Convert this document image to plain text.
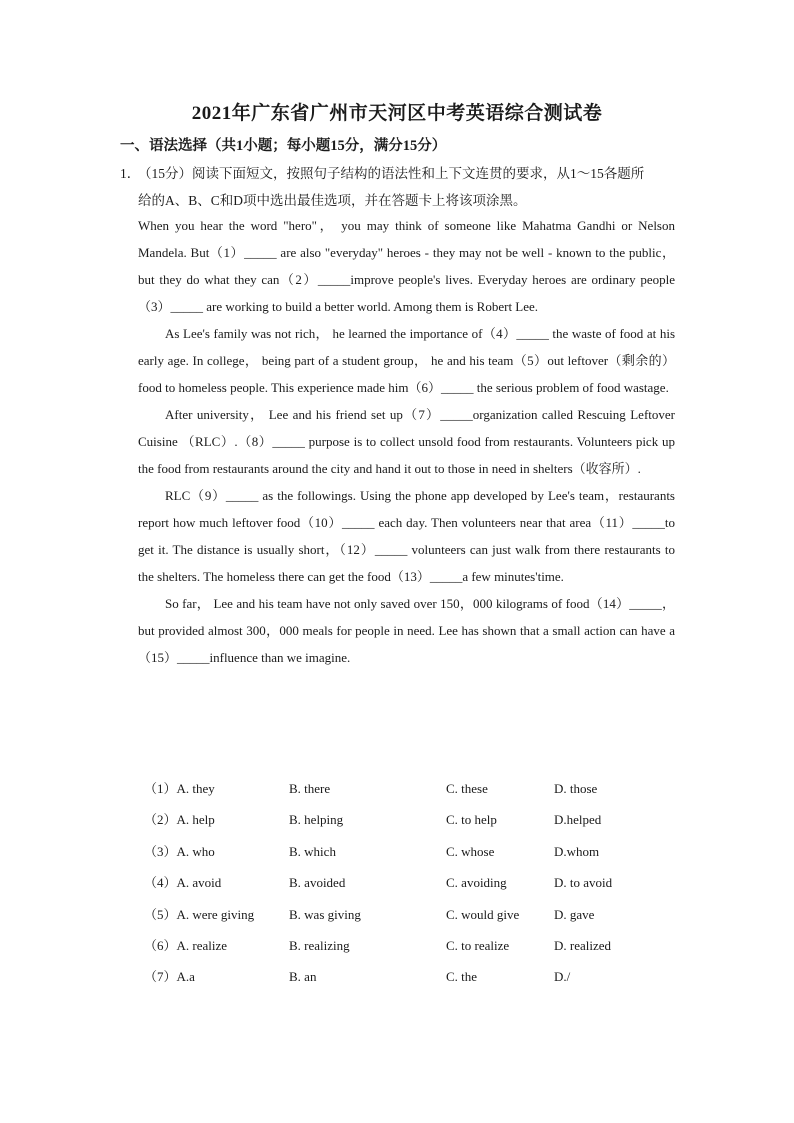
2021年广东省广州市天河区中考英语综合测试卷
一、语法选择（共1小题；每小题15分，满分15分）
1．（15分）阅读下面短文，按照句子结构的语法性和上下文连贯的要求，从1～15各题所
给的A、B、C和D项中选出最佳选项，并在答题卡上将该项涂黑。

When you hear the word "hero"， you may think of someone like Mahatma Gandhi or Nelson Mandela. But（1）_____ are also "everyday" heroes - they may not be well - known to the public， but they do what they can（2）_____improve people's lives. Everyday heroes are ordinary people（3）_____ are working to build a better world. Among them is Robert Lee.

As Lee's family was not rich， he learned the importance of（4）_____ the waste of food at his early age. In college， being part of a student group， he and his team（5）out leftover（剩余的） food to homeless people. This experience made him（6）_____ the serious problem of food wastage.

After university， Lee and his friend set up（7）_____organization called Rescuing Leftover Cuisine （RLC）.（8）_____ purpose is to collect unsold food from restaurants. Volunteers pick up the food from restaurants around the city and hand it out to those in need in shelters（收容所）.

RLC（9）_____ as the followings. Using the phone app developed by Lee's team，restaurants report how much leftover food（10）_____ each day. Then volunteers near that area（11）_____to get it. The distance is usually short，（12）_____ volunteers can just walk from there restaurants to the shelters. The homeless there can get the food（13）_____a few minutes'time.

So far， Lee and his team have not only saved over 150，000 kilograms of food（14）_____， but provided almost 300，000 meals for people in need. Lee has shown that a small action can have a（15）_____influence than we imagine.

（1）A. they	B. there	C. these	D. those
（2）A. help	B. helping	C. to help	D.helped
（3）A. who	B. which	C. whose	D.whom
（4）A. avoid	B. avoided	C. avoiding	D. to avoid
（5）A. were giving	B. was giving	C. would give	D. gave
（6）A. realize	B. realizing	C. to realize	D. realized
（7）A.a	B. an	C. the	D./
